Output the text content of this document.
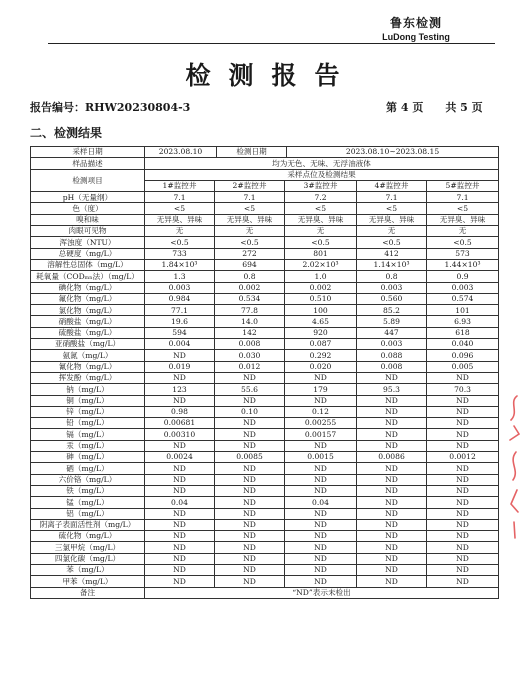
鲁东检测
LuDong Testing
检测报告
报告编号：RHW20230804-3	第 4 页　　共 5 页
二、检测结果
采样日期	2023.08.10		检测日期		2023.08.10~2023.08.15		
样品描述	均为无色、无味、无浮油液体						
检测项目	采样点位及检测结果						
	1#监控井	2#监控井		3#监控井		4#监控井	5#监控井
pH（无量纲）	7.1	7.1		7.2		7.1	7.1
色（度）	<5	<5		<5		<5	<5
嗅和味	无异臭、异味	无异臭、异味		无异臭、异味		无异臭、异味	无异臭、异味
肉眼可见物	无	无		无		无	无
浑浊度（NTU）	<0.5	<0.5		<0.5		<0.5	<0.5
总硬度（mg/L）	733	272		801		412	573
溶解性总固体（mg/L）	1.84×10³	694		2.02×10³		1.14×10³	1.44×10³
耗氧量（CODₘₙ法）（mg/L）	1.3	0.8		1.0		0.8	0.9
碘化物（mg/L）	0.003	0.002		0.002		0.003	0.003
氟化物（mg/L）	0.984	0.534		0.510		0.560	0.574
氯化物（mg/L）	77.1	77.8		100		85.2	101
硝酸盐（mg/L）	19.6	14.0		4.65		5.89	6.93
硫酸盐（mg/L）	594	142		920		447	618
亚硝酸盐（mg/L）	0.004	0.008		0.087		0.003	0.040
氨氮（mg/L）	ND	0.030		0.292		0.088	0.096
氰化物（mg/L）	0.019	0.012		0.020		0.008	0.005
挥发酚（mg/L）	ND	ND		ND		ND	ND
钠（mg/L）	123	55.6		179		95.3	70.3
铜（mg/L）	ND	ND		ND		ND	ND
锌（mg/L）	0.98	0.10		0.12		ND	ND
铅（mg/L）	0.00681	ND		0.00255		ND	ND
镉（mg/L）	0.00310	ND		0.00157		ND	ND
汞（mg/L）	ND	ND		ND		ND	ND
砷（mg/L）	0.0024	0.0085		0.0015		0.0086	0.0012
硒（mg/L）	ND	ND		ND		ND	ND
六价铬（mg/L）	ND	ND		ND		ND	ND
铁（mg/L）	ND	ND		ND		ND	ND
锰（mg/L）	0.04	ND		0.04		ND	ND
铝（mg/L）	ND	ND		ND		ND	ND
阴离子表面活性剂（mg/L）	ND	ND		ND		ND	ND
硫化物（mg/L）	ND	ND		ND		ND	ND
三氯甲烷（mg/L）	ND	ND		ND		ND	ND
四氯化碳（mg/L）	ND	ND		ND		ND	ND
苯（mg/L）	ND	ND		ND		ND	ND
甲苯（mg/L）	ND	ND		ND		ND	ND
备注	“ND”表示未检出						
